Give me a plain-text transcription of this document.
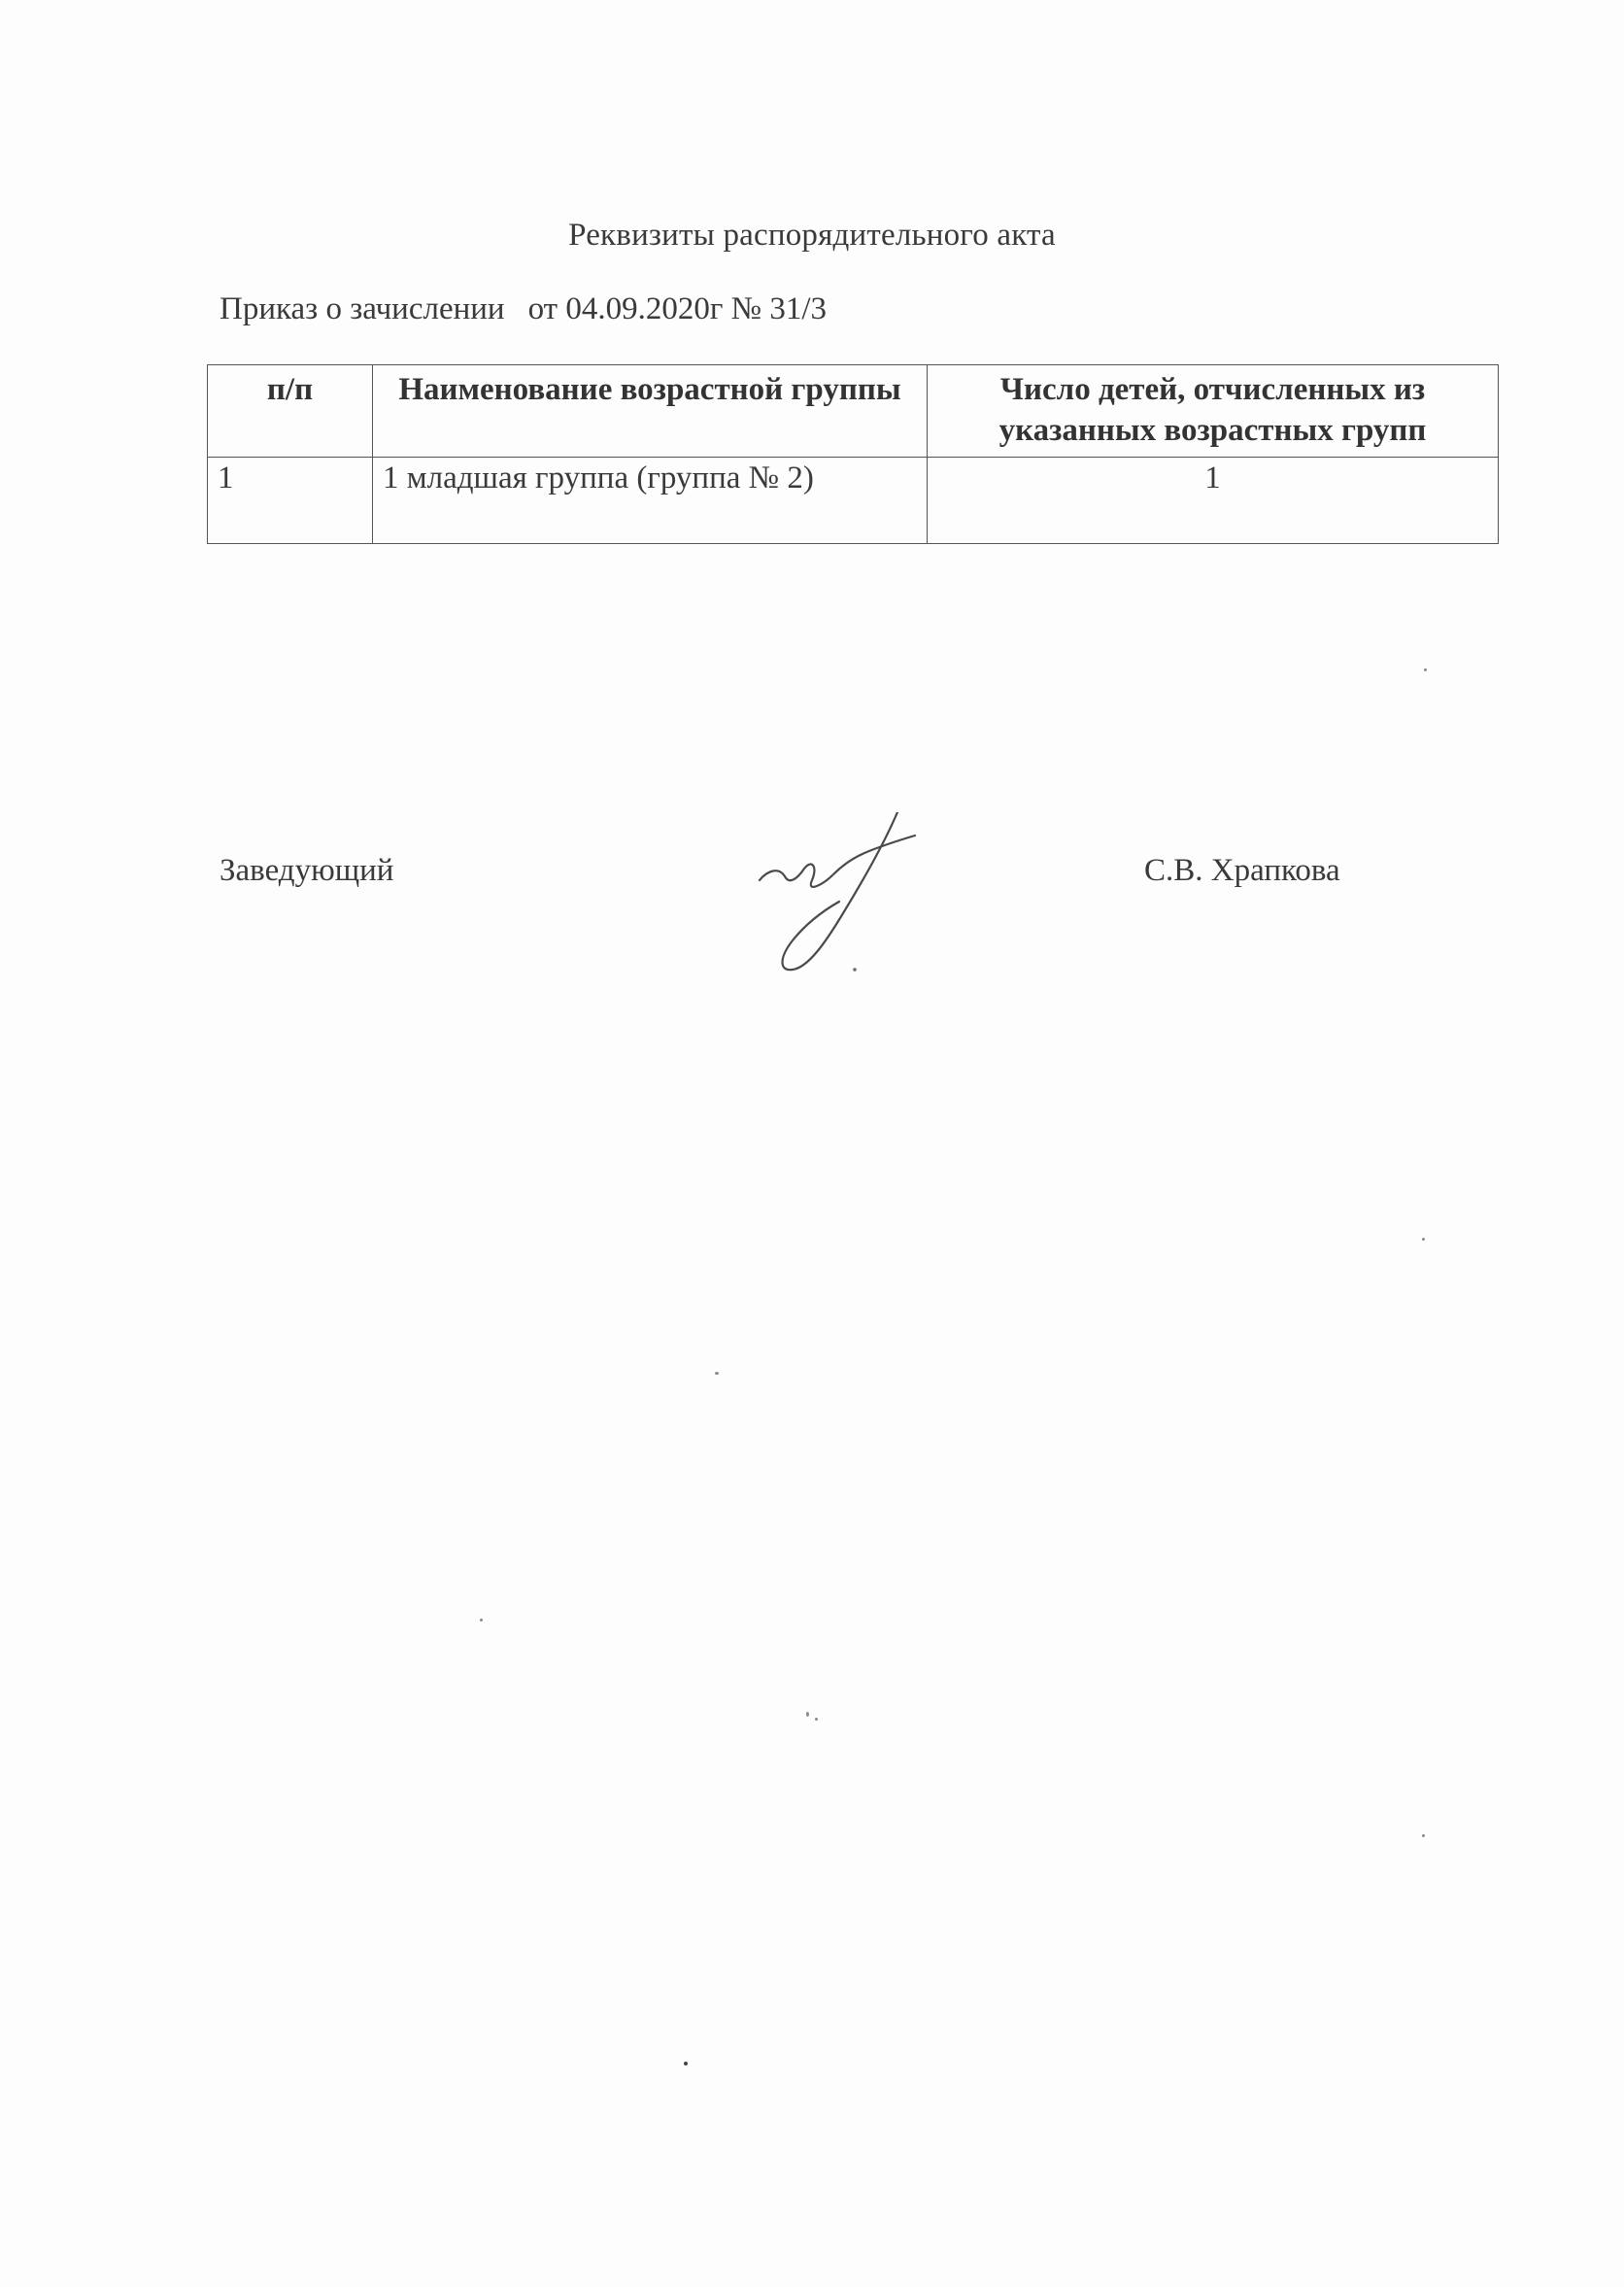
Реквизиты распорядительного акта
Приказ о зачислении от 04.09.2020г № 31/3
п/п	Наименование возрастной группы	Число детей, отчисленных из указанных возрастных групп
1	1 младшая группа (группа № 2)	1
Заведующий	С.В. Храпкова
